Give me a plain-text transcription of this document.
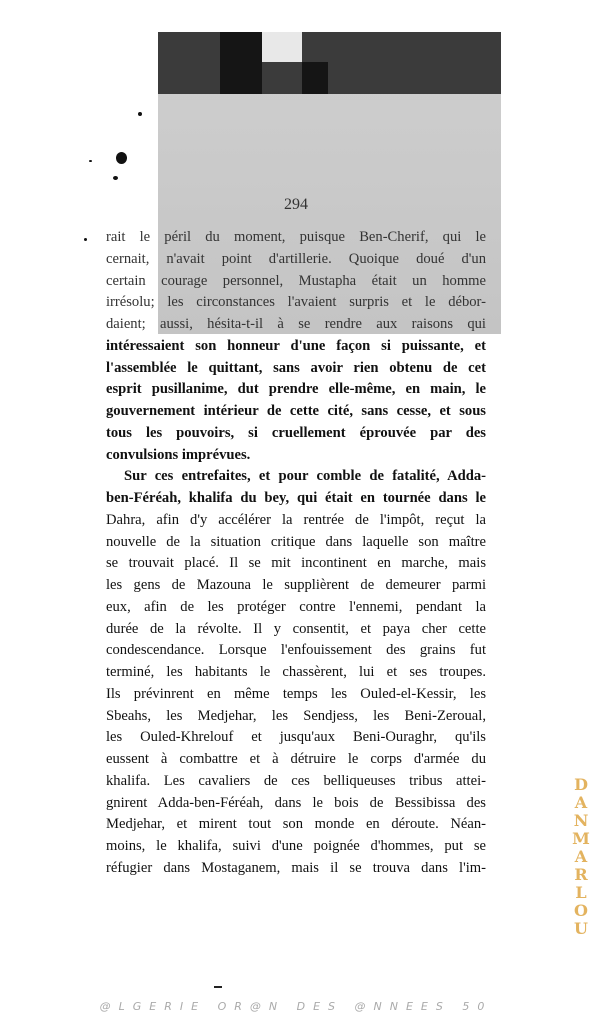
294
rait le péril du moment, puisque Ben-Cherif, qui le
cernait, n'avait point d'artillerie. Quoique doué d'un
certain courage personnel, Mustapha était un homme
irrésolu; les circonstances l'avaient surpris et le débor-
daient; aussi, hésita-t-il à se rendre aux raisons qui
intéressaient son honneur d'une façon si puissante, et
l'assemblée le quittant, sans avoir rien obtenu de cet
esprit pusillanime, dut prendre elle-même, en main, le
gouvernement intérieur de cette cité, sans cesse, et sous
tous les pouvoirs, si cruellement éprouvée par des
convulsions imprévues.
Sur ces entrefaites, et pour comble de fatalité, Adda-
ben-Féréah, khalifa du bey, qui était en tournée dans le
Dahra, afin d'y accélérer la rentrée de l'impôt, reçut la
nouvelle de la situation critique dans laquelle son maître
se trouvait placé. Il se mit incontinent en marche, mais
les gens de Mazouna le supplièrent de demeurer parmi
eux, afin de les protéger contre l'ennemi, pendant la
durée de la révolte. Il y consentit, et paya cher cette
condescendance. Lorsque l'enfouissement des grains fut
terminé, les habitants le chassèrent, lui et ses troupes.
Ils prévinrent en même temps les Ouled-el-Kessir, les
Sbeahs, les Medjehar, les Sendjess, les Beni-Zeroual,
les Ouled-Khrelouf et jusqu'aux Beni-Ouraghr, qu'ils
eussent à combattre et à détruire le corps d'armée du
khalifa. Les cavaliers de ces belliqueuses tribus attei-
gnirent Adda-ben-Féréah, dans le bois de Bessibissa des
Medjehar, et mirent tout son monde en déroute. Néan-
moins, le khalifa, suivi d'une poignée d'hommes, put se
réfugier dans Mostaganem, mais il se trouva dans l'im-
D
A
N
M
A
R
L
O
U
@LGERIE OR@N DES @NNEES 50
